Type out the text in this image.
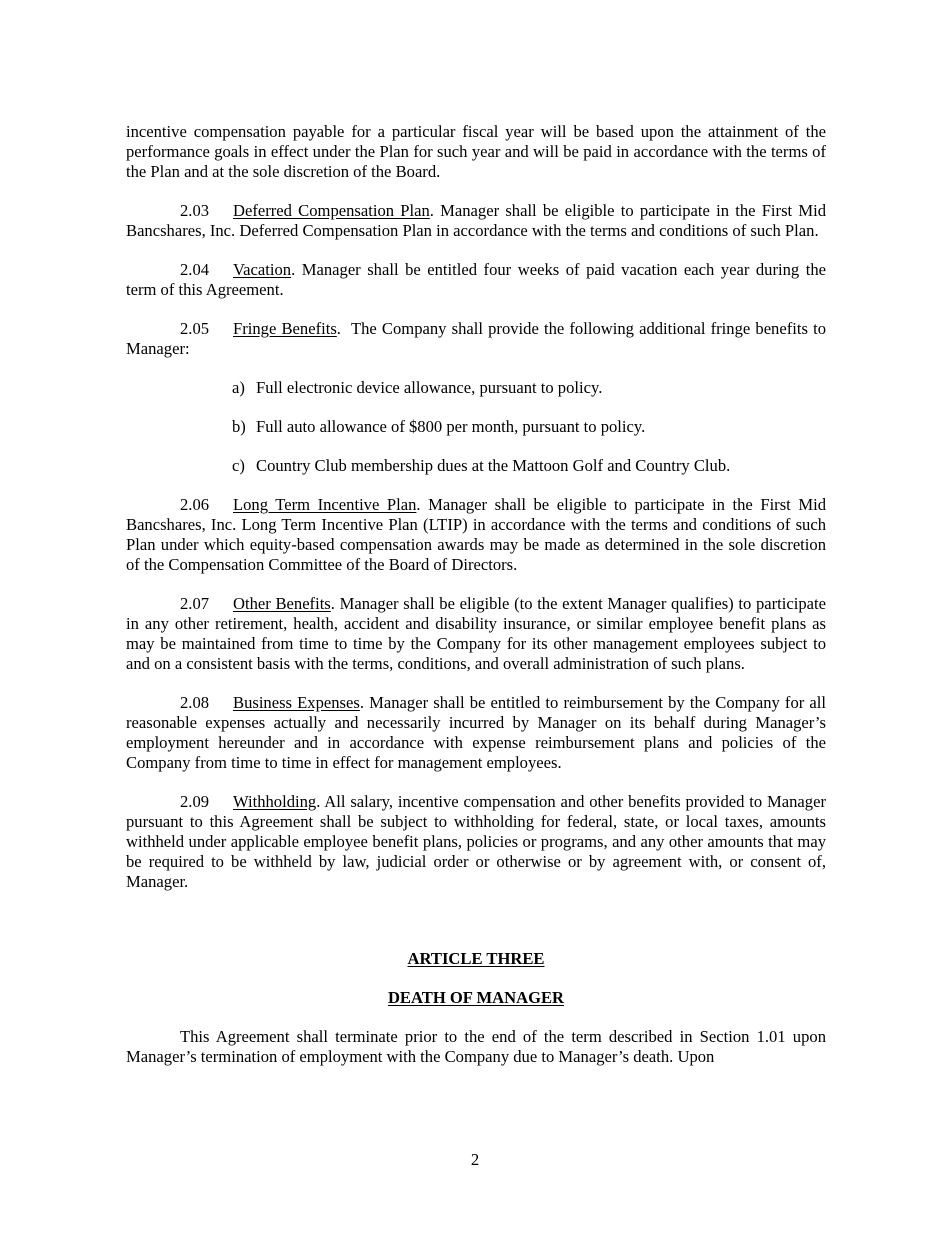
incentive compensation payable for a particular fiscal year will be based upon the attainment of the performance goals in effect under the Plan for such year and will be paid in accordance with the terms of the Plan and at the sole discretion of the Board.

2.03 Deferred Compensation Plan. Manager shall be eligible to participate in the First Mid Bancshares, Inc. Deferred Compensation Plan in accordance with the terms and conditions of such Plan.

2.04 Vacation. Manager shall be entitled four weeks of paid vacation each year during the term of this Agreement.

2.05 Fringe Benefits.  The Company shall provide the following additional fringe benefits to Manager:

a) Full electronic device allowance, pursuant to policy.

b) Full auto allowance of $800 per month, pursuant to policy.

c) Country Club membership dues at the Mattoon Golf and Country Club.

2.06 Long Term Incentive Plan. Manager shall be eligible to participate in the First Mid Bancshares, Inc. Long Term Incentive Plan (LTIP) in accordance with the terms and conditions of such Plan under which equity-based compensation awards may be made as determined in the sole discretion of the Compensation Committee of the Board of Directors.

2.07 Other Benefits. Manager shall be eligible (to the extent Manager qualifies) to participate in any other retirement, health, accident and disability insurance, or similar employee benefit plans as may be maintained from time to time by the Company for its other management employees subject to and on a consistent basis with the terms, conditions, and overall administration of such plans.

2.08 Business Expenses. Manager shall be entitled to reimbursement by the Company for all reasonable expenses actually and necessarily incurred by Manager on its behalf during Manager’s employment hereunder and in accordance with expense reimbursement plans and policies of the Company from time to time in effect for management employees.

2.09 Withholding. All salary, incentive compensation and other benefits provided to Manager pursuant to this Agreement shall be subject to withholding for federal, state, or local taxes, amounts withheld under applicable employee benefit plans, policies or programs, and any other amounts that may be required to be withheld by law, judicial order or otherwise or by agreement with, or consent of, Manager.

ARTICLE THREE

DEATH OF MANAGER

This Agreement shall terminate prior to the end of the term described in Section 1.01 upon Manager’s termination of employment with the Company due to Manager’s death. Upon

2
